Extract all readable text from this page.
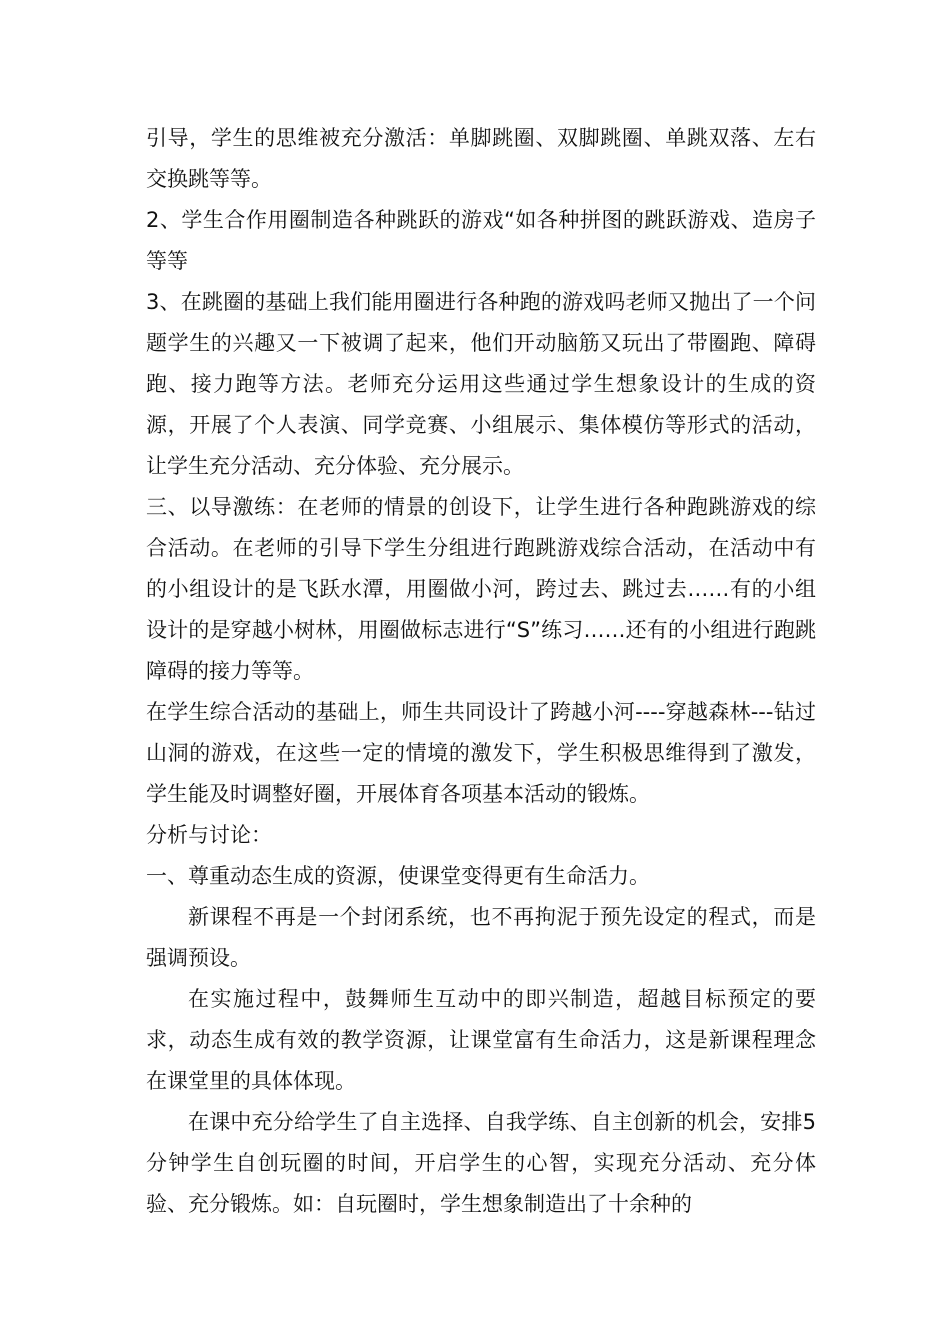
引导，学生的思维被充分激活：单脚跳圈、双脚跳圈、单跳双落、左右交换跳等等。

2、学生合作用圈制造各种跳跃的游戏“如各种拼图的跳跃游戏、造房子等等

3、在跳圈的基础上我们能用圈进行各种跑的游戏吗老师又抛出了一个问题学生的兴趣又一下被调了起来，他们开动脑筋又玩出了带圈跑、障碍跑、接力跑等方法。老师充分运用这些通过学生想象设计的生成的资源，开展了个人表演、同学竞赛、小组展示、集体模仿等形式的活动，让学生充分活动、充分体验、充分展示。

三、以导激练：在老师的情景的创设下，让学生进行各种跑跳游戏的综合活动。在老师的引导下学生分组进行跑跳游戏综合活动，在活动中有的小组设计的是飞跃水潭，用圈做小河，跨过去、跳过去……有的小组设计的是穿越小树林，用圈做标志进行“S”练习……还有的小组进行跑跳障碍的接力等等。

在学生综合活动的基础上，师生共同设计了跨越小河----穿越森林---钻过山洞的游戏，在这些一定的情境的激发下，学生积极思维得到了激发，学生能及时调整好圈，开展体育各项基本活动的锻炼。

分析与讨论：

一、尊重动态生成的资源，使课堂变得更有生命活力。

新课程不再是一个封闭系统，也不再拘泥于预先设定的程式，而是强调预设。

在实施过程中，鼓舞师生互动中的即兴制造，超越目标预定的要求，动态生成有效的教学资源，让课堂富有生命活力，这是新课程理念在课堂里的具体体现。

在课中充分给学生了自主选择、自我学练、自主创新的机会，安排5分钟学生自创玩圈的时间，开启学生的心智，实现充分活动、充分体验、充分锻炼。如：自玩圈时，学生想象制造出了十余种的
